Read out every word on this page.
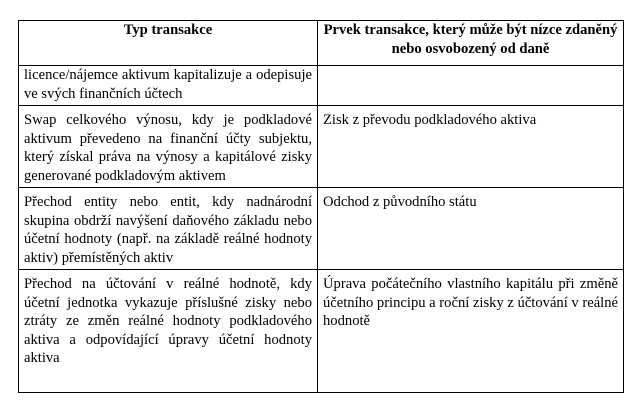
Typ transakce	Prvek transakce, který může být nízce zdaněný nebo osvobozený od daně
licence/nájemce aktivum kapitalizuje a odepisuje ve svých finančních účtech	
Swap celkového výnosu, kdy je podkladové aktivum převedeno na finanční účty subjektu, který získal práva na výnosy a kapitálové zisky generované podkladovým aktivem	Zisk z převodu podkladového aktiva
Přechod entity nebo entit, kdy nadnárodní skupina obdrží navýšení daňového základu nebo účetní hodnoty (např. na základě reálné hodnoty aktiv) přemístěných aktiv	Odchod z původního státu
Přechod na účtování v reálné hodnotě, kdy účetní jednotka vykazuje příslušné zisky nebo ztráty ze změn reálné hodnoty podkladového aktiva a odpovídající úpravy účetní hodnoty aktiva	Úprava počátečního vlastního kapitálu při změně účetního principu a roční zisky z účtování v reálné hodnotě
